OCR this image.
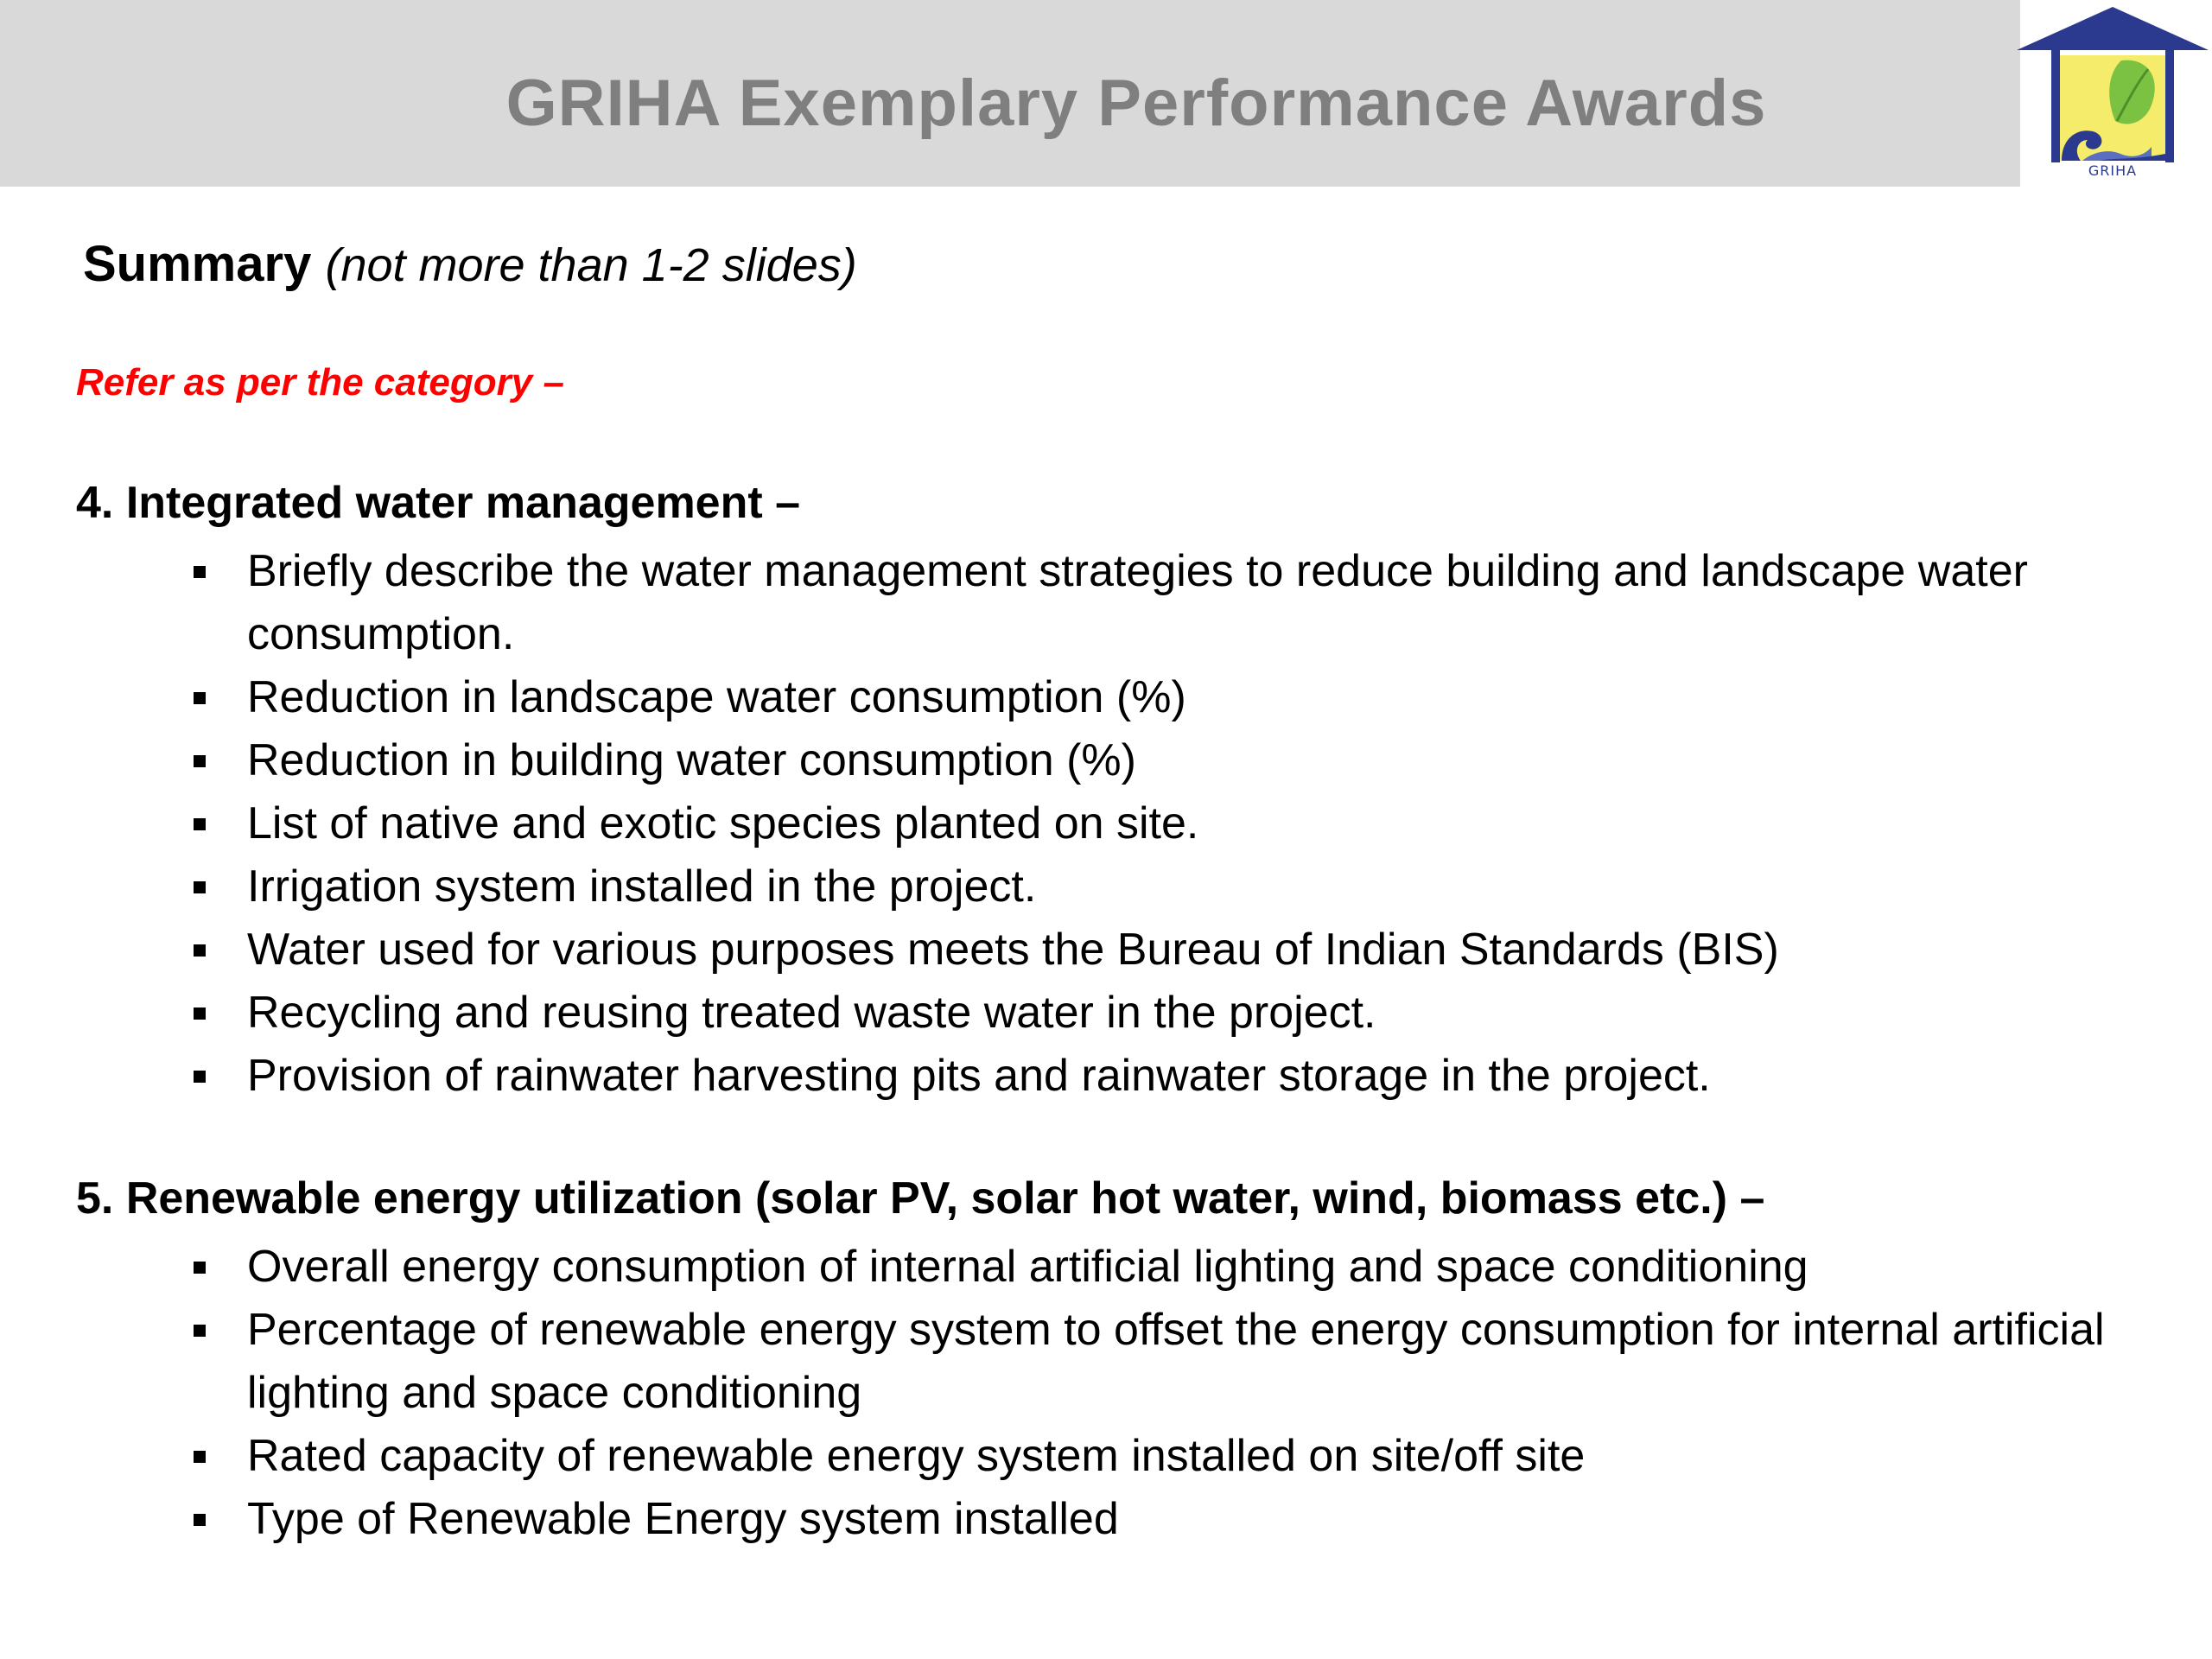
GRIHA Exemplary Performance Awards
GRIHA
Summary (not more than 1-2 slides)
Refer as per the category –
4. Integrated water management –
Briefly describe the water management strategies to reduce building and landscape water consumption.
Reduction in landscape water consumption (%)
Reduction in building water consumption (%)
List of native and exotic species planted on site.
Irrigation system installed in the project.
Water used for various purposes meets the Bureau of Indian Standards (BIS)
Recycling and reusing treated waste water in the project.
Provision of rainwater harvesting pits and rainwater storage in the project.
5. Renewable energy utilization (solar PV, solar hot water, wind, biomass etc.) –
Overall energy consumption of internal artificial lighting and space conditioning
Percentage of renewable energy system to offset the energy consumption for internal artificial lighting and space conditioning
Rated capacity of renewable energy system installed on site/off site
Type of Renewable Energy system installed
